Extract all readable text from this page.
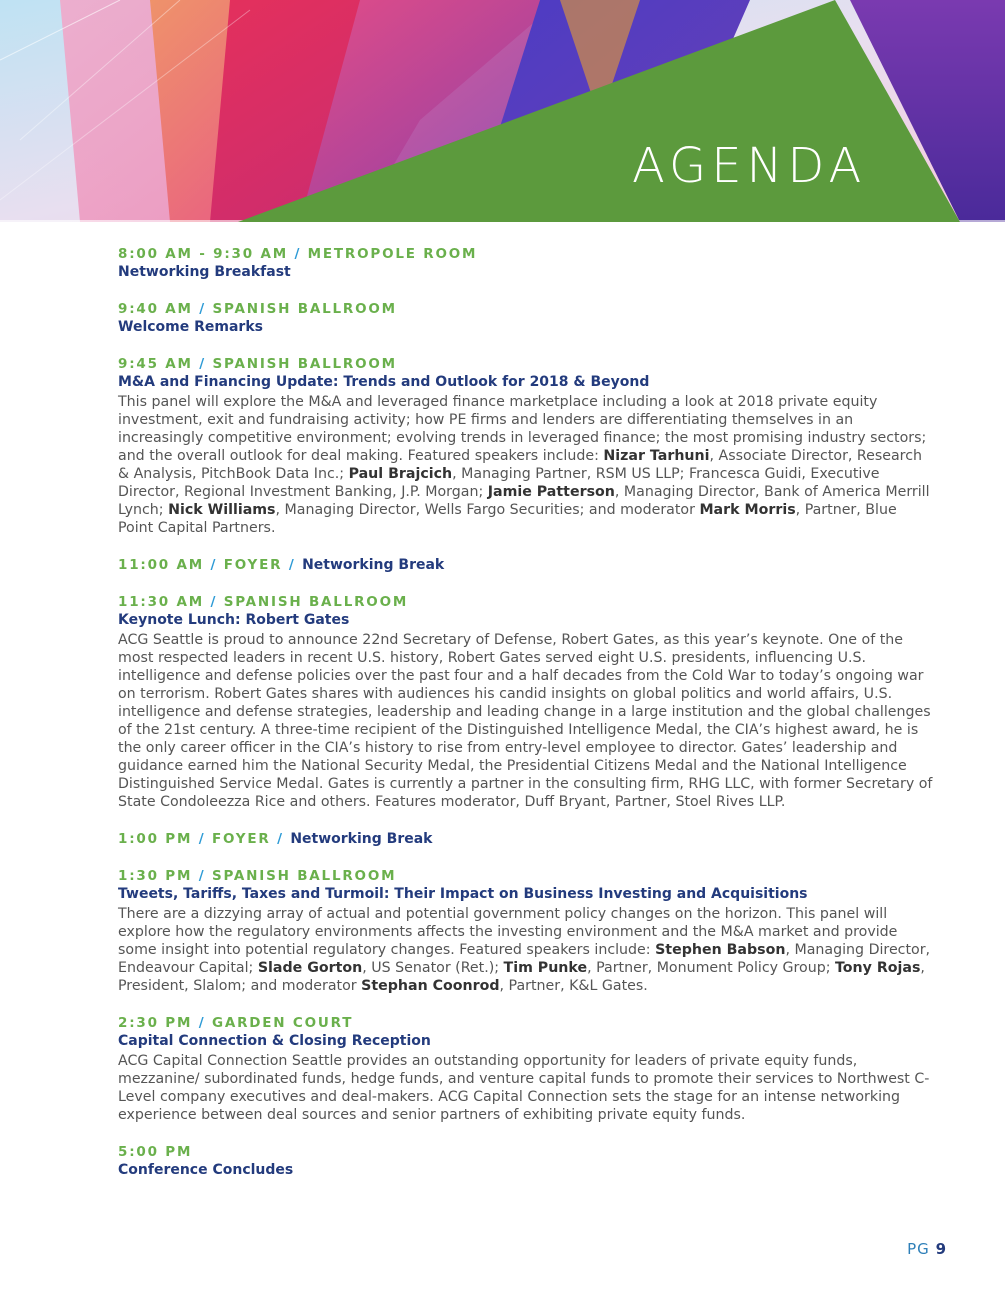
AGENDA
8:00 AM - 9:30 AM / METROPOLE ROOM
Networking Breakfast
9:40 AM / SPANISH BALLROOM
Welcome Remarks
9:45 AM / SPANISH BALLROOM
M&A and Financing Update: Trends and Outlook for 2018 & Beyond
This panel will explore the M&A and leveraged finance marketplace including a look at 2018 private equity investment, exit and fundraising activity; how PE firms and lenders are differentiating themselves in an increasingly competitive environment; evolving trends in leveraged finance; the most promising industry sectors; and the overall outlook for deal making. Featured speakers include: Nizar Tarhuni, Associate Director, Research & Analysis, PitchBook Data Inc.; Paul Brajcich, Managing Partner, RSM US LLP; Francesca Guidi, Executive Director, Regional Investment Banking, J.P. Morgan; Jamie Patterson, Managing Director, Bank of America Merrill Lynch; Nick Williams, Managing Director, Wells Fargo Securities; and moderator Mark Morris, Partner, Blue Point Capital Partners.
11:00 AM / FOYER / Networking Break
11:30 AM / SPANISH BALLROOM
Keynote Lunch: Robert Gates
ACG Seattle is proud to announce 22nd Secretary of Defense, Robert Gates, as this year’s keynote. One of the most respected leaders in recent U.S. history, Robert Gates served eight U.S. presidents, influencing U.S. intelligence and defense policies over the past four and a half decades from the Cold War to today’s ongoing war on terrorism. Robert Gates shares with audiences his candid insights on global politics and world affairs, U.S. intelligence and defense strategies, leadership and leading change in a large institution and the global challenges of the 21st century. A three-time recipient of the Distinguished Intelligence Medal, the CIA’s highest award, he is the only career officer in the CIA’s history to rise from entry-level employee to director. Gates’ leadership and guidance earned him the National Security Medal, the Presidential Citizens Medal and the National Intelligence Distinguished Service Medal. Gates is currently a partner in the consulting firm, RHG LLC, with former Secretary of State Condoleezza Rice and others. Features moderator, Duff Bryant, Partner, Stoel Rives LLP.
1:00 PM / FOYER / Networking Break
1:30 PM / SPANISH BALLROOM
Tweets, Tariffs, Taxes and Turmoil: Their Impact on Business Investing and Acquisitions
There are a dizzying array of actual and potential government policy changes on the horizon. This panel will explore how the regulatory environments affects the investing environment and the M&A market and provide some insight into potential regulatory changes. Featured speakers include: Stephen Babson, Managing Director, Endeavour Capital; Slade Gorton, US Senator (Ret.); Tim Punke, Partner, Monument Policy Group; Tony Rojas, President, Slalom; and moderator Stephan Coonrod, Partner, K&L Gates.
2:30 PM / GARDEN COURT
Capital Connection & Closing Reception
ACG Capital Connection Seattle provides an outstanding opportunity for leaders of private equity funds, mezzanine/ subordinated funds, hedge funds, and venture capital funds to promote their services to Northwest C-Level company executives and deal-makers. ACG Capital Connection sets the stage for an intense networking experience between deal sources and senior partners of exhibiting private equity funds.
5:00 PM
Conference Concludes
PG 9
